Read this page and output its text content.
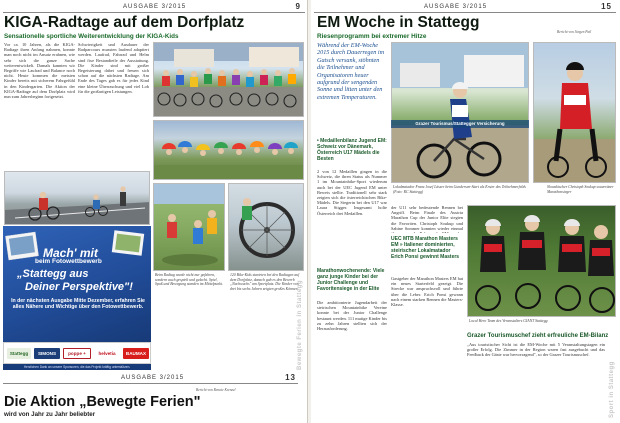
AUSGABE 3/2015	9
KIGA-Radtage auf dem Dorfplatz
Sensationelle sportliche Weiterentwicklung der KIGA-Kids
Vor ca. 10 Jahren, als die KIGA-Radtage ihren Anfang nahmen, konnte man noch nicht im Ansatz erahnen, wie sehr sich die ganze Sache weiterentwickelt. Damals kannten wir Begriffe wie Laufrad und Balance noch nicht. Heute kommen die meisten Kinder bereits mit sicherem Fahrgefühl in den Kindergarten. Die Aktion der KIGA-Radtage auf dem Dorfplatz wird nun zum Jahresbeginn fortgesetzt.
Schwierigkeit und Ausdauer der Radparcours mussten laufend adaptiert werden. Laufrad, Fahrrad und Helm sind fixe Bestandteile der Ausstattung. Die Kinder sind mit großer Begeisterung dabei und freuen sich schon auf die nächsten Radtage. Am Ende des Tages gab es für jedes Kind eine kleine Überraschung und viel Lob für die großartigen Leistungen.
120 Bike-Kids starteten bei den Radtagen auf dem Dorfplatz, danach gab es den Bewerb „Nachwuchs" am Sportplatz. Die Kinder von drei bis sechs Jahren zeigten großes Können.
Beim Radtag wurde nicht nur gefahren, sondern auch gespielt und gelacht. Spiel, Spaß und Bewegung standen im Mittelpunkt.
Mach' mit
beim Fotowettbewerb
„Stattegg aus
Deiner Perspektive"!
In der nächsten Ausgabe Mitte Dezember, erfahren Sie alles Nähere und Wichtige über den Fotowettbewerb.
Stattegg	SIMONS	poppe +	helvetia	BAUMAX
Herzlichen Dank an unsere Sponsoren, die das Projekt kräftig unterstützen.	Bewegte Ferien in Stattegg
AUSGABE 3/2015	13
Bericht von Renate Krenzel
Die Aktion „Bewegte Ferien"
wird von Jahr zu Jahr beliebter
AUSGABE 3/2015	15
EM Woche in Stattegg
Riesenprogramm bei extremer Hitze
Bericht von Jürgen Pail
Während der EM-Woche 2015 durch Dauerregen im Gatsch versank, stöhnten die Teilnehmer und Organisatoren heuer aufgrund der sengenden Sonne und litten unter den extremen Temperaturen.
• Medaillenbilanz Jugend EM: Schweiz vor Dänemark, Österreich U17 Mädels die Besten
2 von 12 Medaillen gingen in die Schweiz, die ihren Status als Nummer 1 im Mountainbike-Sport wiederum auch bei der UEC Jugend EM unter Beweis stellte. Traditionell sehr stark zeigten sich die österreichischen Bike-Mädels. Die Siegerin bei den U17 war Laura Stigger. Insgesamt holte Österreich drei Medaillen.
UEC MTB Marathon Masters EM » Italiener dominierten, steirischer Lokalmatador Erich Ponsi gewinnt Masters
Gastgeber der Marathon Masters EM hat ein neues Starterfeld gezeigt. Die Strecke war anspruchsvoll und führte über die Leber. Erich Ponsi gewann nach einem starken Rennen die Masters-Klasse.
Marathonwochenende: Viele ganz junge Kinder bei der Junior Challenge und Favoritensiege in der Elite
Die ambitionierte Jugendarbeit der steirischen Mountainbike Vereine konnte bei der Junior Challenge bestaunt werden. 111 mutige Kinder bis zu zehn Jahren stellten sich der Herausforderung.
der U11 sehr bedeutende Rennen bei Angriff. Beim Finale des Austria Marathon Cup der Junior Elite siegten die Favoriten. Christoph Soukup und Sabine Sommer konnten wieder einmal
Lokalmatador Franz Josef Lässer beim Gundersen-Start als Erster des Teilnehmerfelds (Foto: RC Stattegg)
Slowakischer Christoph Soukup souveräner Marathonsieger
Grazer Tourismus/Stattegger Versicherung
Local Hero Team des Veranstalters GIANT Stattegg
Grazer Tourismuschef zieht erfreuliche EM-Bilanz
„Aus touristischer Sicht ist die EM-Woche mit 5 Veranstaltungstagen ein großer Erfolg. Die Zimmer in der Region waren fast ausgebucht und das Feedback der Gäste war hervorragend", so der Grazer Tourismuschef.
Sport in Stattegg
